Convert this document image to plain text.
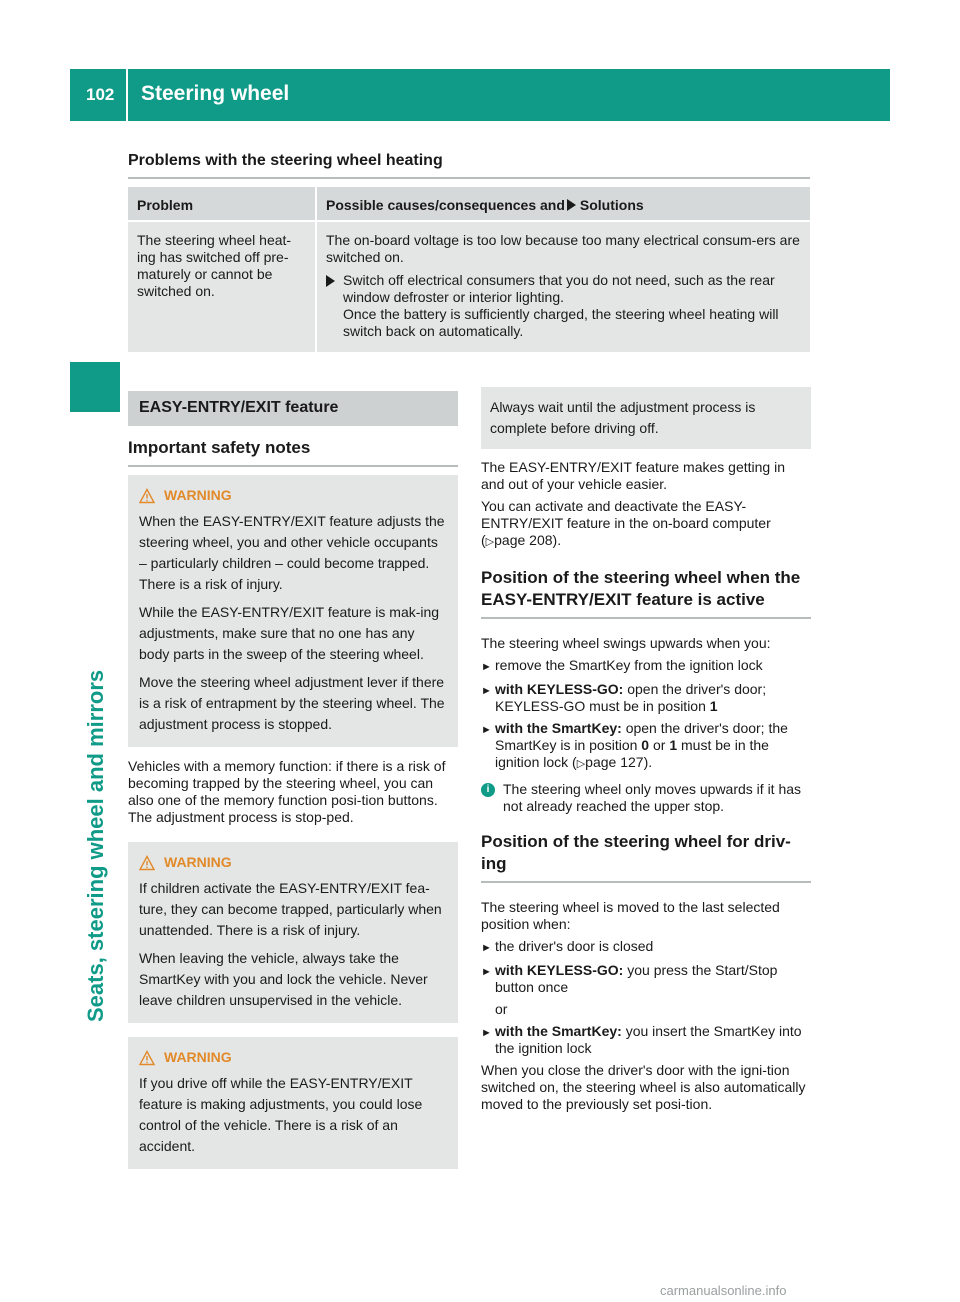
102	Steering wheel
Seats, steering wheel and mirrors
Problems with the steering wheel heating
Problem	Possible causes/consequences and Solutions
The steering wheel heat-ing has switched off pre-maturely or cannot be switched on.
The on-board voltage is too low because too many electrical consum-ers are switched on.
Switch off electrical consumers that you do not need, such as the rear window defroster or interior lighting.
Once the battery is sufficiently charged, the steering wheel heating will switch back on automatically.
EASY-ENTRY/EXIT feature
Important safety notes
WARNING

When the EASY-ENTRY/EXIT feature adjusts the steering wheel, you and other vehicle occupants – particularly children – could become trapped. There is a risk of injury.

While the EASY-ENTRY/EXIT feature is mak-ing adjustments, make sure that no one has any body parts in the sweep of the steering wheel.

Move the steering wheel adjustment lever if there is a risk of entrapment by the steering wheel. The adjustment process is stopped.

Vehicles with a memory function: if there is a risk of becoming trapped by the steering wheel, you can also one of the memory function posi-tion buttons. The adjustment process is stop-ped.
WARNING

If children activate the EASY-ENTRY/EXIT fea-ture, they can become trapped, particularly when unattended. There is a risk of injury.

When leaving the vehicle, always take the SmartKey with you and lock the vehicle. Never leave children unsupervised in the vehicle.

WARNING

If you drive off while the EASY-ENTRY/EXIT feature is making adjustments, you could lose control of the vehicle. There is a risk of an accident.

Always wait until the adjustment process is complete before driving off.
The EASY-ENTRY/EXIT feature makes getting in and out of your vehicle easier.
You can activate and deactivate the EASY-ENTRY/EXIT feature in the on-board computer (▷page 208).
Position of the steering wheel when the EASY-ENTRY/EXIT feature is active
The steering wheel swings upwards when you:
► remove the SmartKey from the ignition lock
► with KEYLESS-GO: open the driver's door; KEYLESS-GO must be in position 1
► with the SmartKey: open the driver's door; the SmartKey is in position 0 or 1 must be in the ignition lock (▷page 127).
i The steering wheel only moves upwards if it has not already reached the upper stop.
Position of the steering wheel for driv-ing
The steering wheel is moved to the last selected position when:
► the driver's door is closed
► with KEYLESS-GO: you press the Start/Stop button once
or
► with the SmartKey: you insert the SmartKey into the ignition lock
When you close the driver's door with the igni-tion switched on, the steering wheel is also automatically moved to the previously set posi-tion.
carmanualsonline.info
